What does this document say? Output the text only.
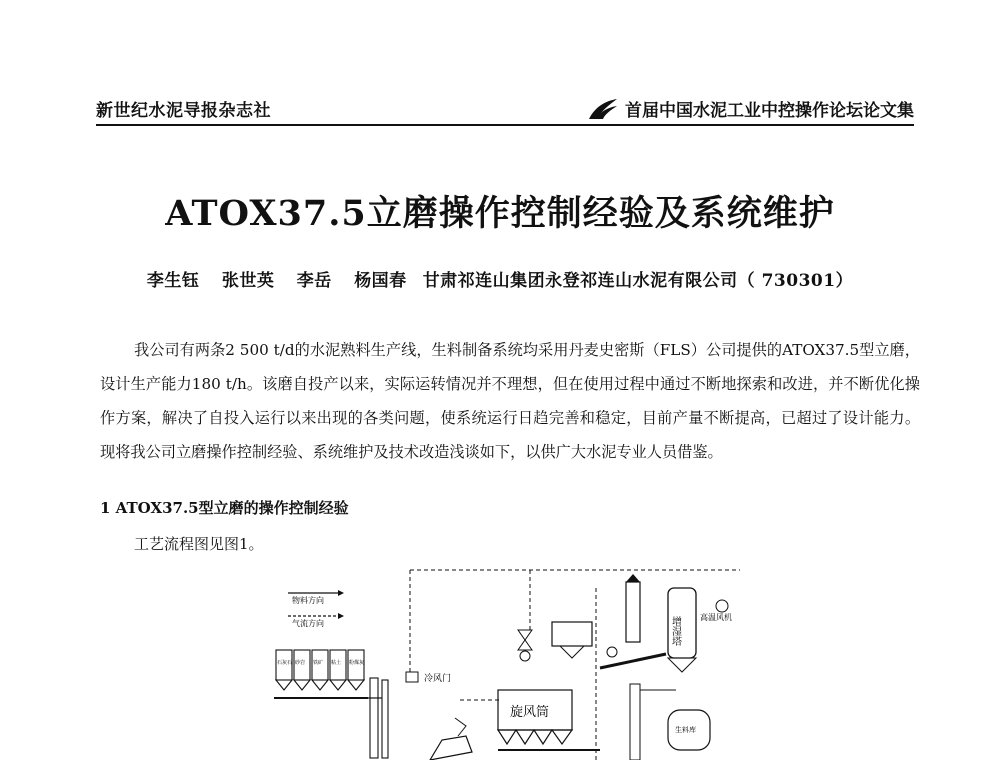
新世纪水泥导报杂志社	首届中国水泥工业中控操作论坛论文集
ATOX37.5立磨操作控制经验及系统维护
李生钰 张世英 李岳 杨国春 甘肃祁连山集团永登祁连山水泥有限公司（ 730301）

我公司有两条2 500 t/d的水泥熟料生产线，生料制备系统均采用丹麦史密斯（FLS）公司提供的ATOX37.5型立磨，设计生产能力180 t/h。该磨自投产以来，实际运转情况并不理想，但在使用过程中通过不断地探索和改进，并不断优化操作方案，解决了自投入运行以来出现的各类问题，使系统运行日趋完善和稳定，目前产量不断提高，已超过了设计能力。现将我公司立磨操作控制经验、系统维护及技术改造浅谈如下，以供广大水泥专业人员借鉴。

1 ATOX37.5型立磨的操作控制经验
工艺流程图见图1。
物料方向
气流方向
石灰石 砂岩 铁矿 粘土 粉煤灰
冷风门
旋风筒
增湿塔 高温风机
生料库
